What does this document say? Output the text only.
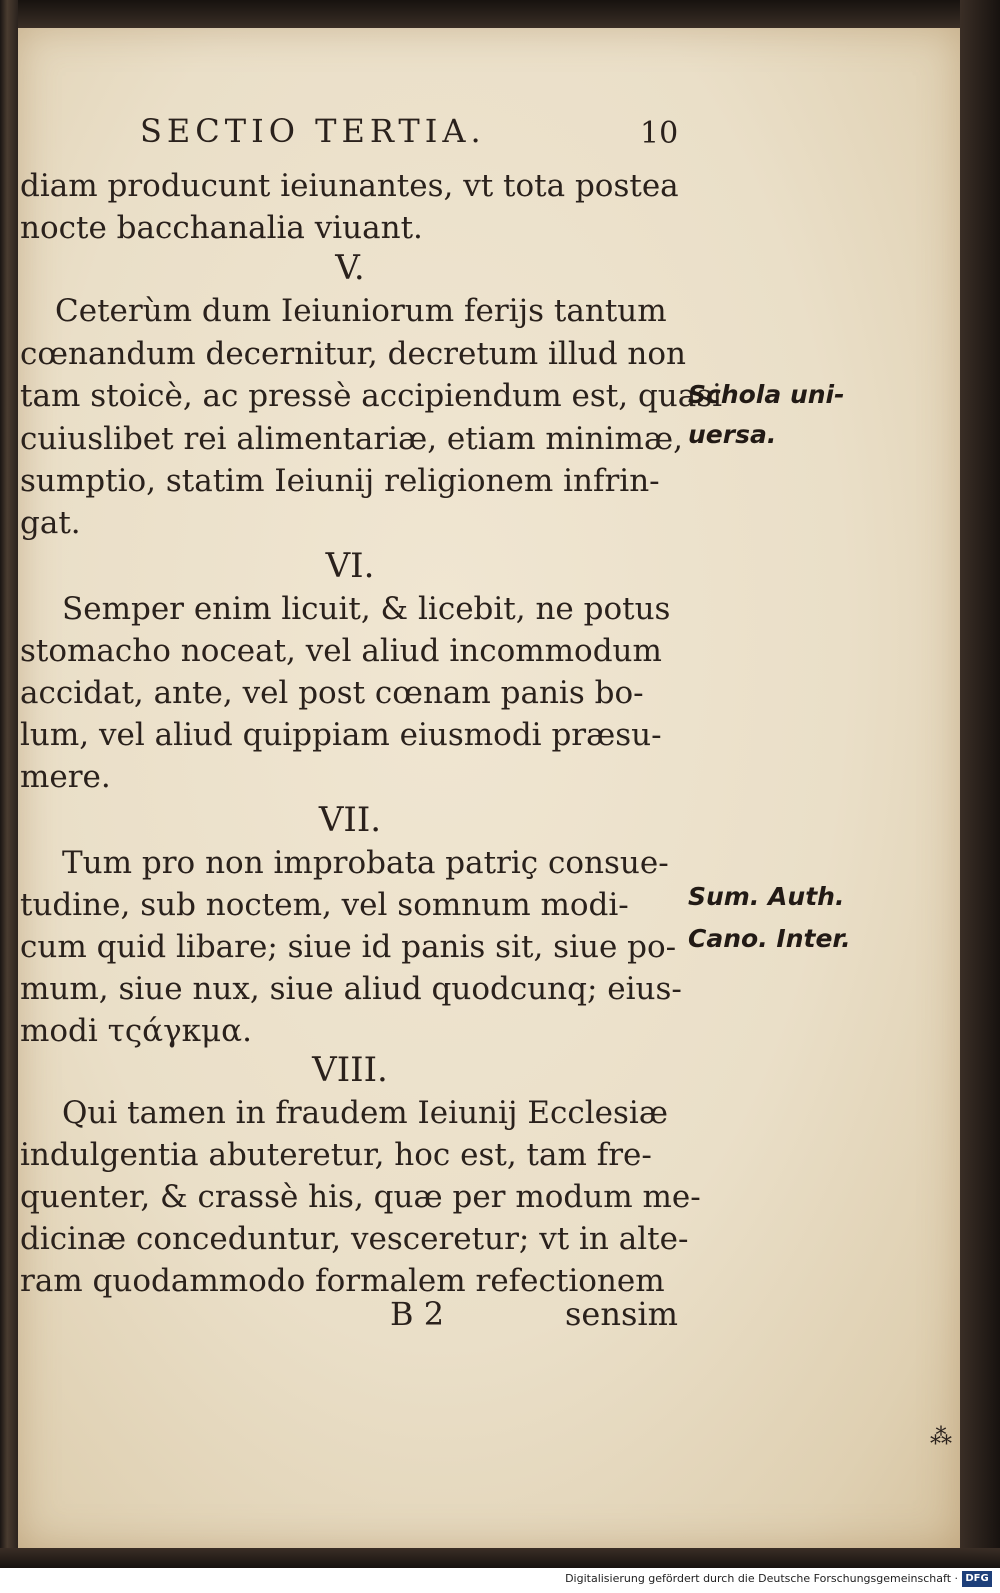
SECTIO TERTIA.	10
diam producunt ieiunantes, vt tota postea
nocte bacchanalia viuant.
V.
Ceterùm dum Ieiuniorum ferijs tantum
cœnandum decernitur, decretum illud non
tam stoicè, ac pressè accipiendum est, quasi
cuiuslibet rei alimentariæ, etiam minimæ,
sumptio, statim Ieiunij religionem infrin-
gat.
VI.
Semper enim licuit, & licebit, ne potus
stomacho noceat, vel aliud incommodum
accidat, ante, vel post cœnam panis bo-
lum, vel aliud quippiam eiusmodi præsu-
mere.
VII.
Tum pro non improbata patriç consue-
tudine, sub noctem, vel somnum modi-
cum quid libare; siue id panis sit, siue po-
mum, siue nux, siue aliud quodcunq; eius-
modi τςάγκμα.
VIII.
Qui tamen in fraudem Ieiunij Ecclesiæ
indulgentia abuteretur, hoc est, tam fre-
quenter, & crassè his, quæ per modum me-
dicinæ conceduntur, vesceretur; vt in alte-
ram quodammodo formalem refectionem
Schola uni-
uersa.
Sum. Auth.
Cano. Inter.
B 2	sensim
⁂
Digitalisierung gefördert durch die Deutsche Forschungsgemeinschaft · DFG
